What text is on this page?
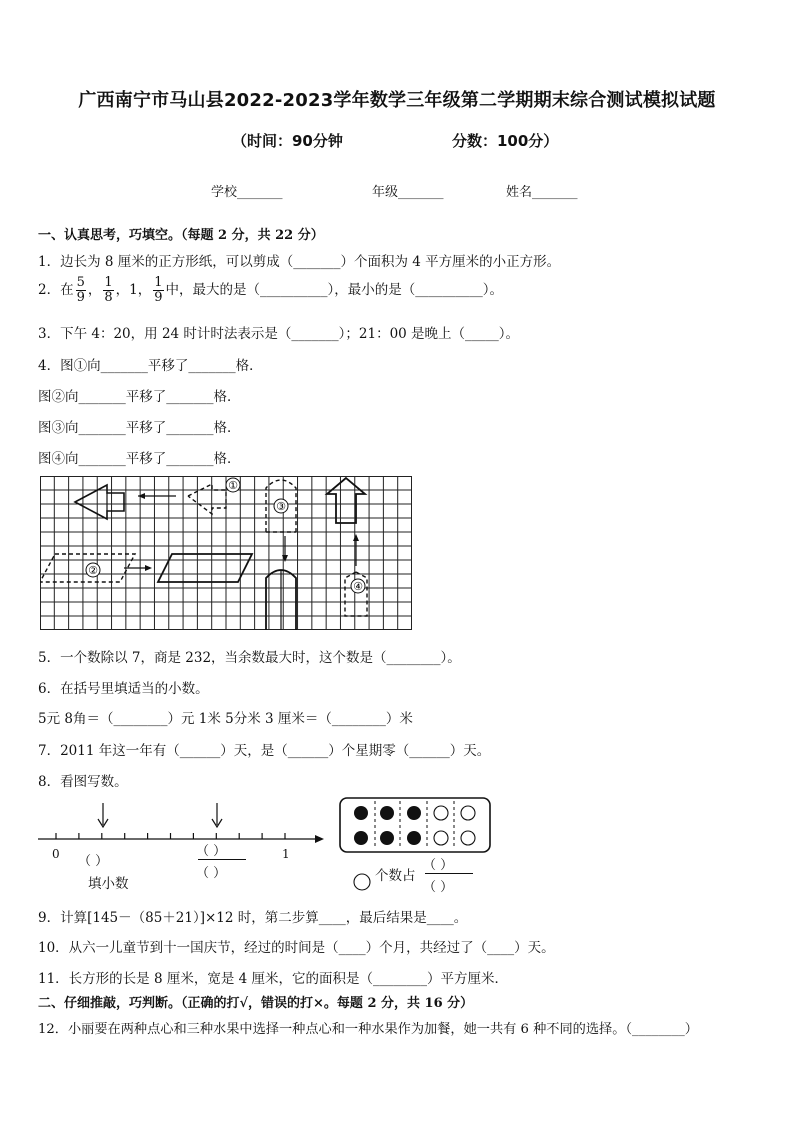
广西南宁市马山县2022-2023学年数学三年级第二学期期末综合测试模拟试题
（时间：90分钟	分数：100分）
学校_______	年级_______	姓名_______
一、认真思考，巧填空。（每题 2 分，共 22 分）
1．边长为 8 厘米的正方形纸，可以剪成（_______）个面积为 4 平方厘米的小正方形。
2．在 $\frac{5}{9}$ ， $\frac{1}{8}$ ，1， $\frac{1}{9}$ 中，最大的是（__________），最小的是（__________）。
3．下午 4：20，用 24 时计时法表示是（_______）；21：00 是晚上（_____）。
4．图①向_______平移了_______格．
图②向_______平移了_______格．
图③向_______平移了_______格．
图④向_______平移了_______格．
①
③
④
②
5．一个数除以 7，商是 232，当余数最大时，这个数是（________）。
6．在括号里填适当的小数。
5元 8角＝（________）元 1米 5分米 3 厘米＝（________）米
7．2011 年这一年有（______）天，是（______）个星期零（______）天。
8．看图写数。
0	1
（ ）
填小数
（ ）
（ ）	个数占
（ ）
（ ）
9．计算[145－（85＋21）]×12 时，第二步算____，最后结果是____。
10．从六一儿童节到十一国庆节，经过的时间是（____）个月，共经过了（____）天。
11．长方形的长是 8 厘米，宽是 4 厘米，它的面积是（________）平方厘米．
二、仔细推敲，巧判断。（正确的打√，错误的打×。每题 2 分，共 16 分）
12．小丽要在两种点心和三种水果中选择一种点心和一种水果作为加餐，她一共有 6 种不同的选择。（________）
